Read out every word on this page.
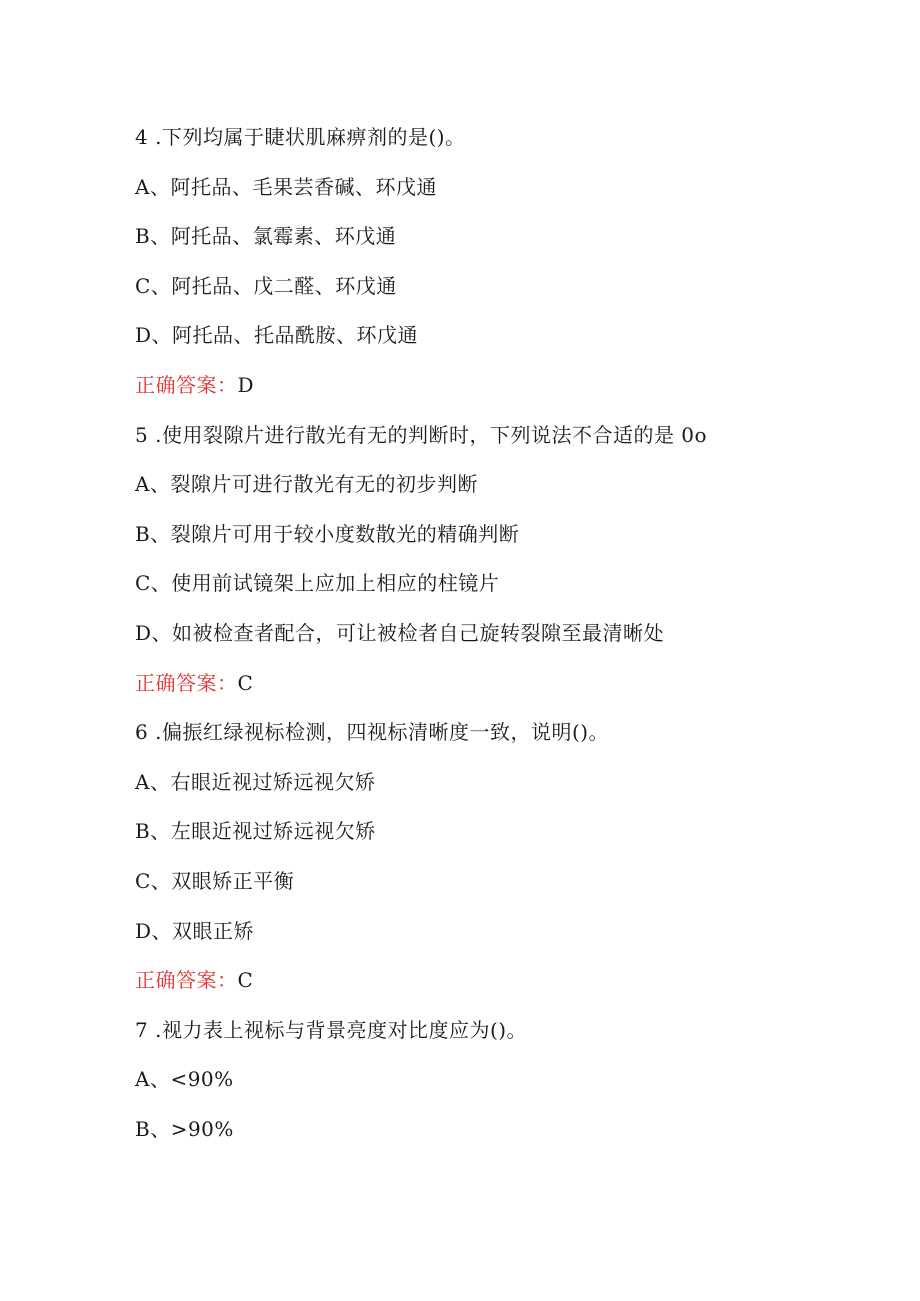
4 .下列均属于睫状肌麻痹剂的是()。
A、阿托品、毛果芸香碱、环戊通
B、阿托品、氯霉素、环戊通
C、阿托品、戊二醛、环戊通
D、阿托品、托品酰胺、环戊通
正确答案：D
5 .使用裂隙片进行散光有无的判断时，下列说法不合适的是 0o
A、裂隙片可进行散光有无的初步判断
B、裂隙片可用于较小度数散光的精确判断
C、使用前试镜架上应加上相应的柱镜片
D、如被检查者配合，可让被检者自己旋转裂隙至最清晰处
正确答案：C
6 .偏振红绿视标检测，四视标清晰度一致，说明()。
A、右眼近视过矫远视欠矫
B、左眼近视过矫远视欠矫
C、双眼矫正平衡
D、双眼正矫
正确答案：C
7 .视力表上视标与背景亮度对比度应为()。
A、<90%
B、>90%
